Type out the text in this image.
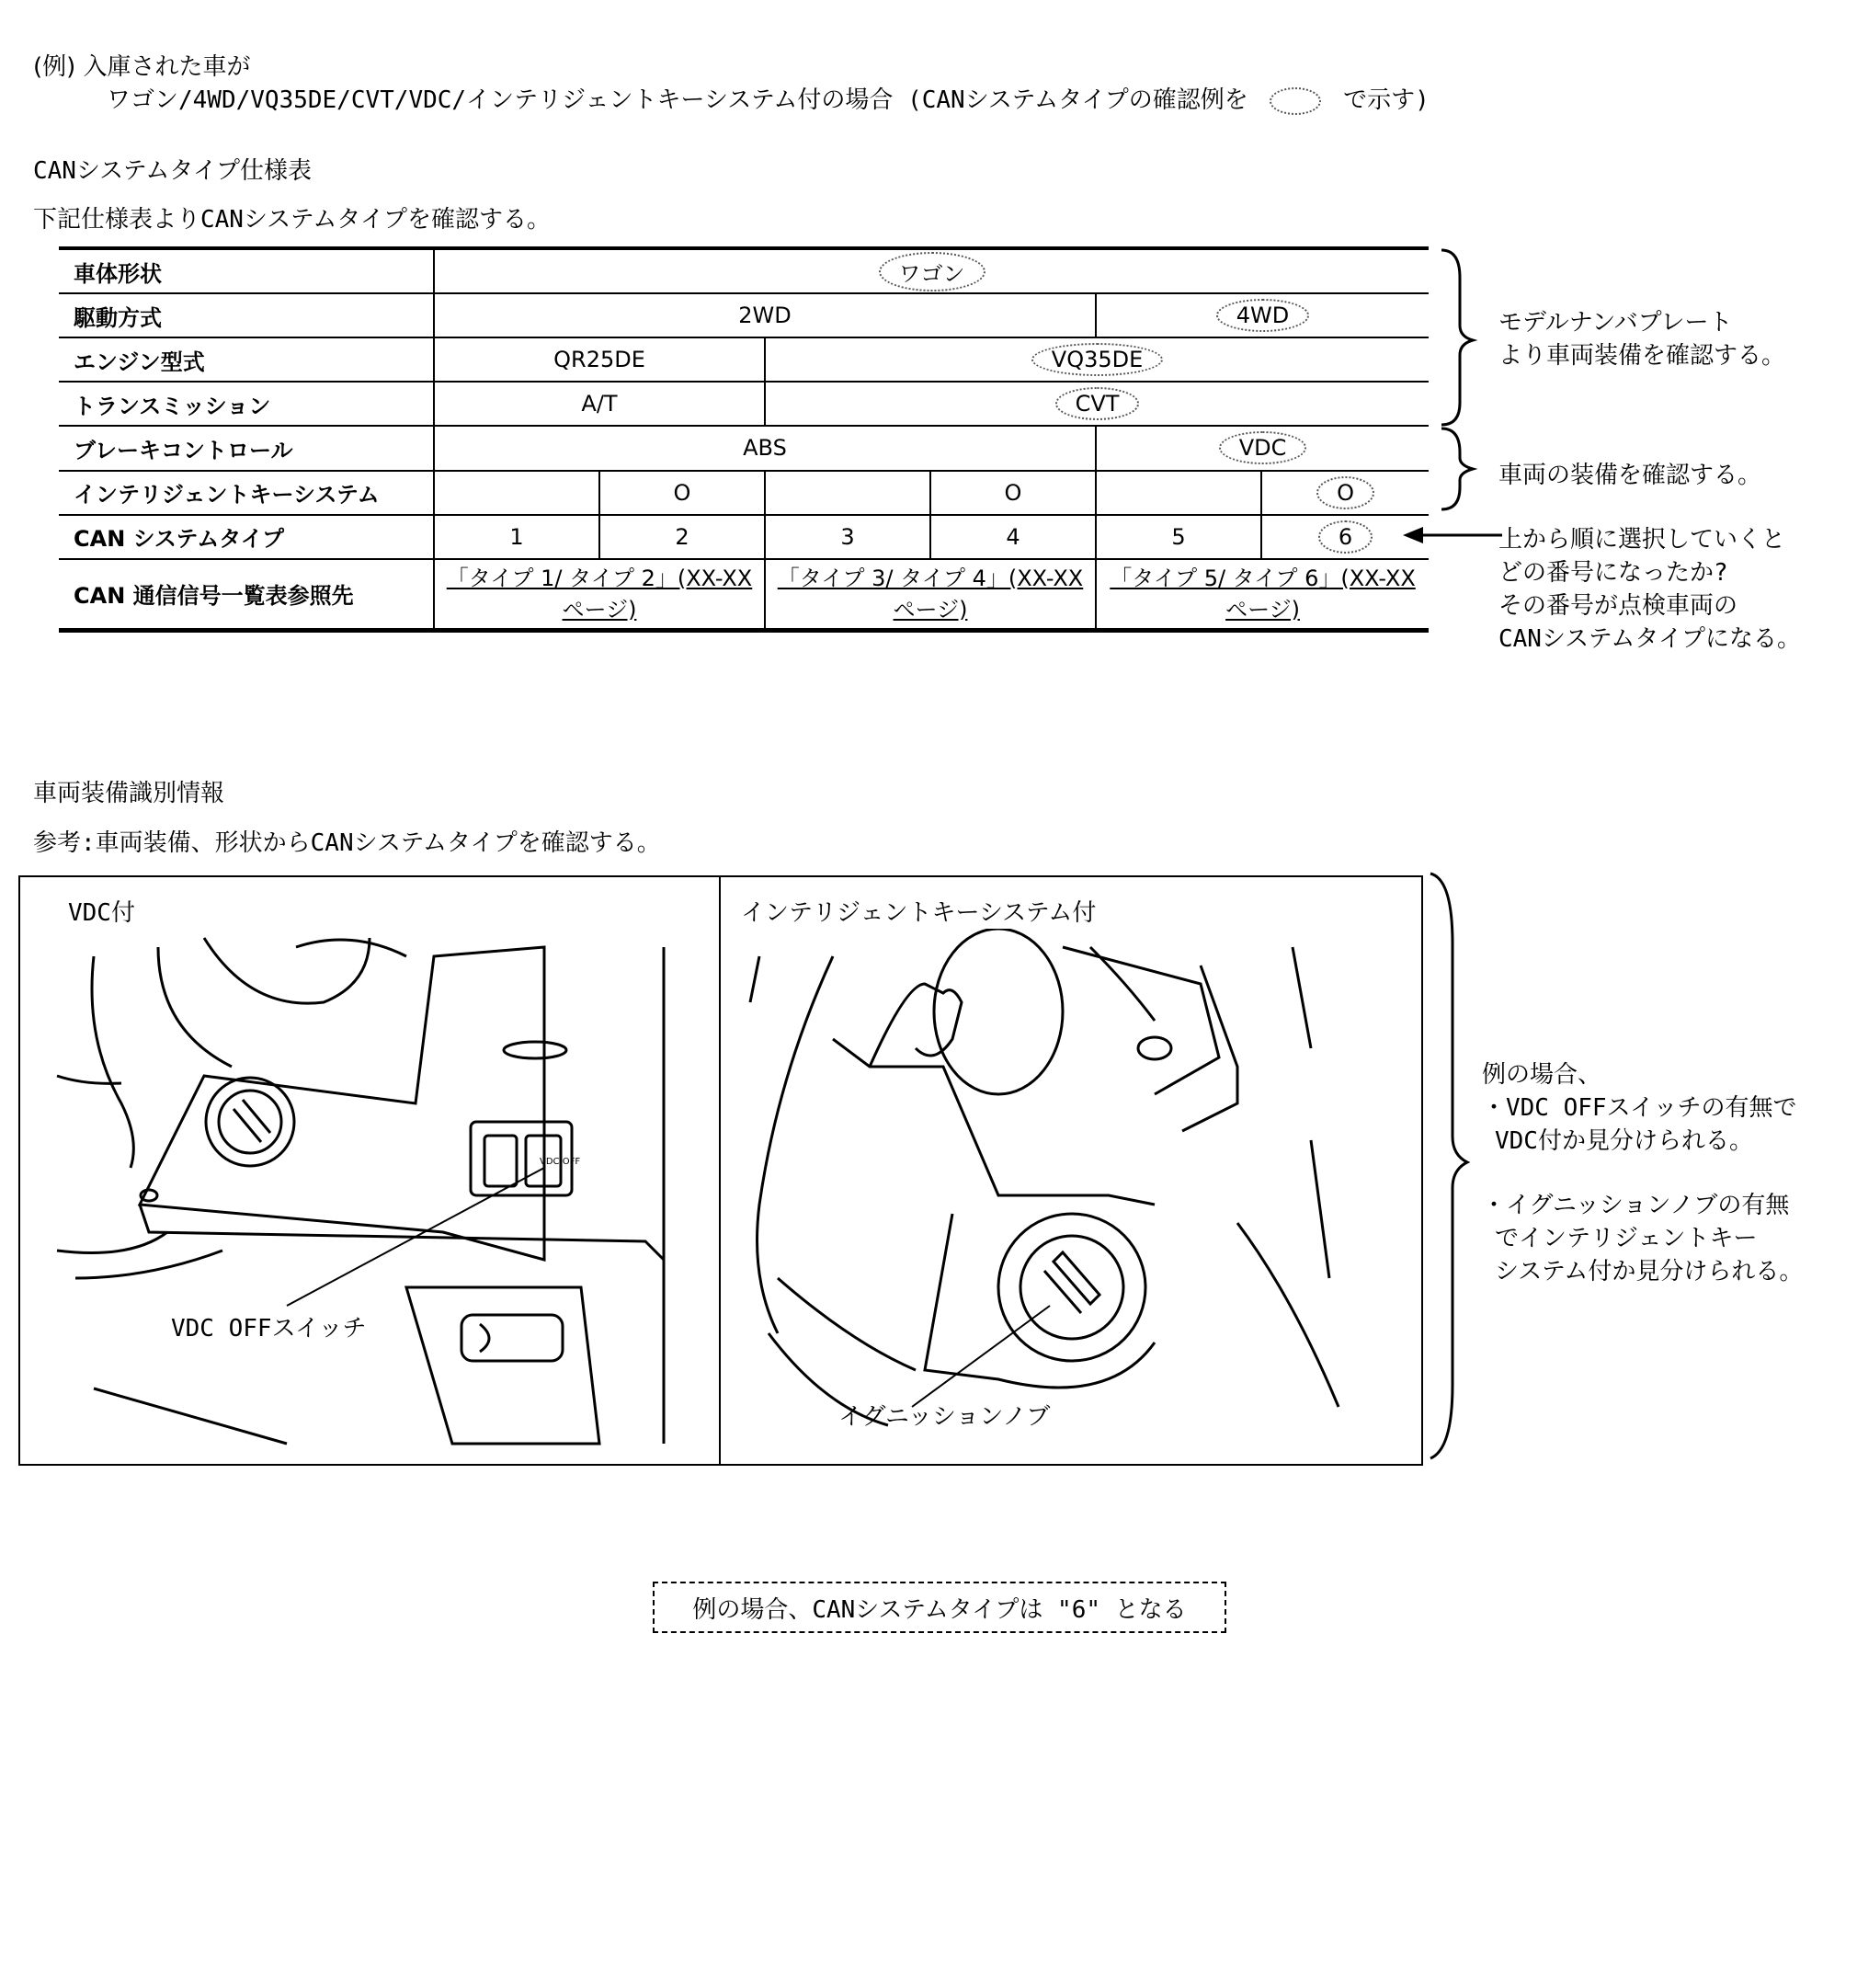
(例) 入庫された車が
ワゴン/4WD/VQ35DE/CVT/VDC/インテリジェントキーシステム付の場合 (CANシステムタイプの確認例を	で示す)
CANシステムタイプ仕様表
下記仕様表よりCANシステムタイプを確認する。
車体形状	ワゴン					
駆動方式	2WD				4WD	
エンジン型式	QR25DE		VQ35DE			
トランスミッション	A/T		CVT			
ブレーキコントロール	ABS				VDC	
インテリジェントキーシステム		O		O		O
CAN システムタイプ	1	2	3	4	5	6
CAN 通信信号一覧表参照先	「タイプ 1/ タイプ 2」(XX-XX ページ)		「タイプ 3/ タイプ 4」(XX-XX ページ)		「タイプ 5/ タイプ 6」(XX-XX ページ)	
モデルナンバプレート
より車両装備を確認する。
車両の装備を確認する。
上から順に選択していくと
どの番号になったか?
その番号が点検車両の
CANシステムタイプになる。
車両装備識別情報
参考:車両装備、形状からCANシステムタイプを確認する。
VDC付	インテリジェントキーシステム付
VDC OFF
VDC OFFスイッチ
イグニッションノブ
例の場合、
・VDC OFFスイッチの有無で
VDC付か見分けられる。
・イグニッションノブの有無
でインテリジェントキー
システム付か見分けられる。
例の場合、CANシステムタイプは "6" となる
